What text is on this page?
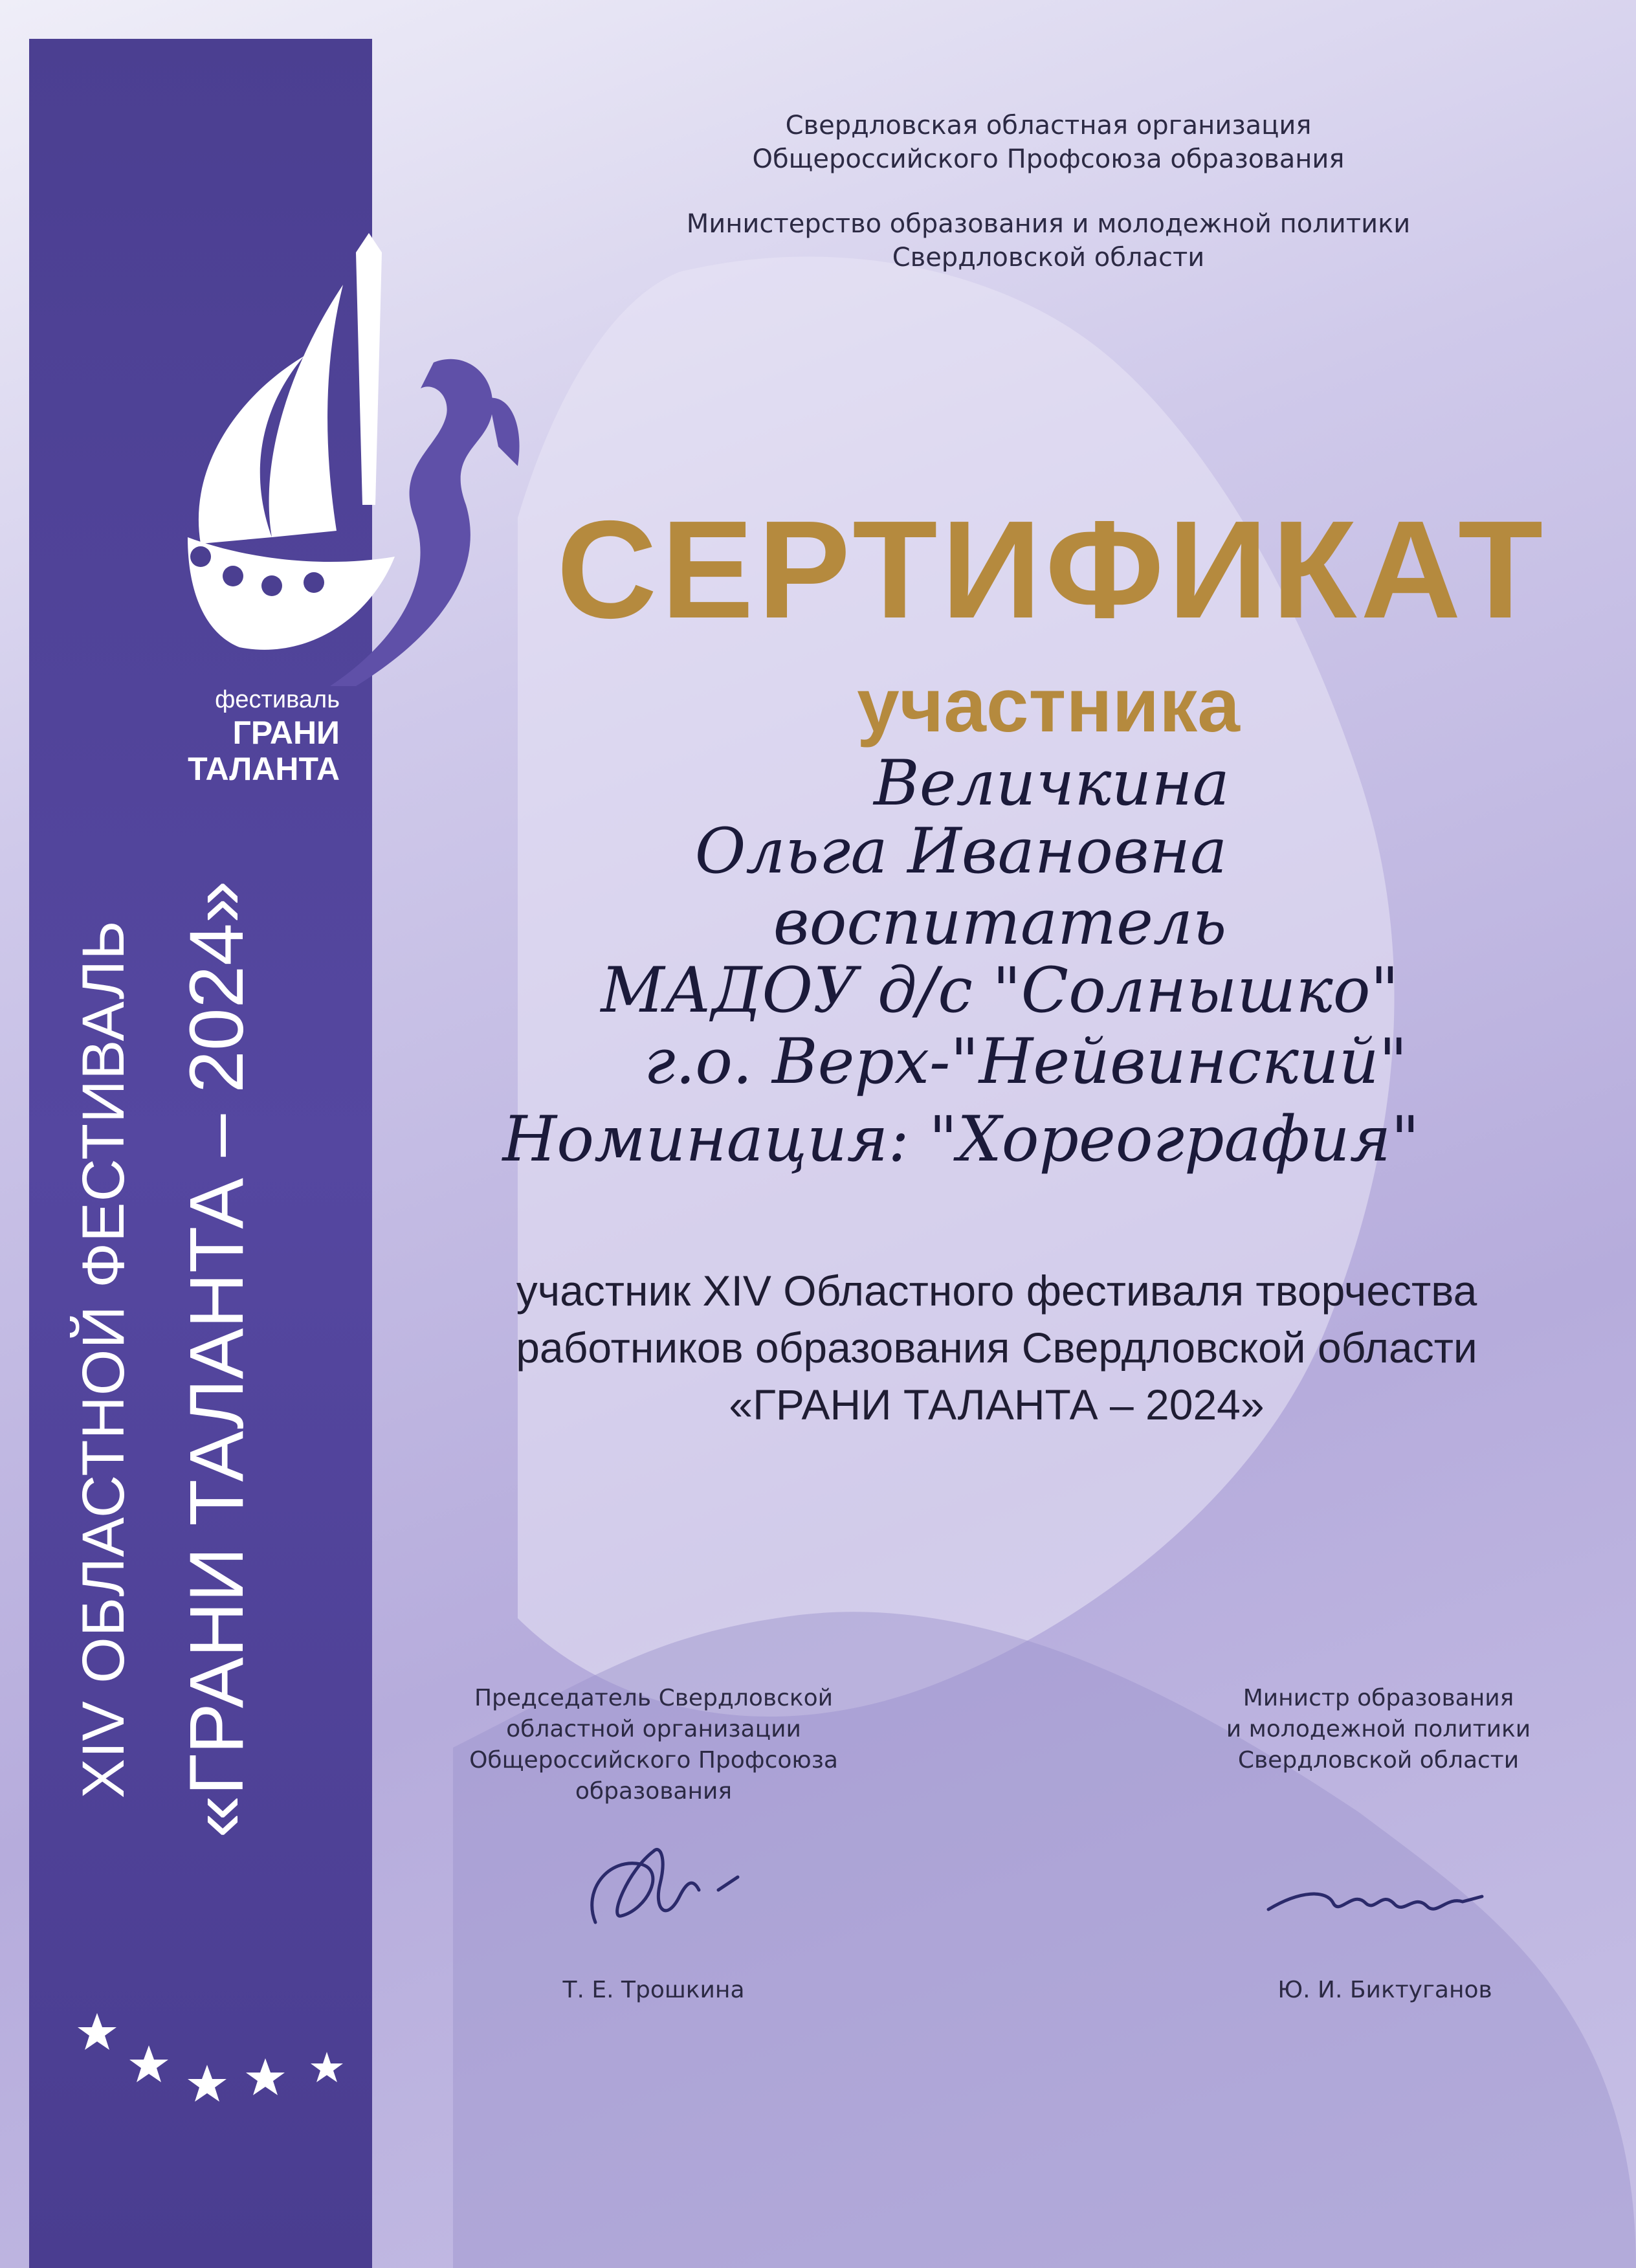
XIV ОБЛАСТНОЙ ФЕСТИВАЛЬ «ГРАНИ ТАЛАНТА – 2024»
фестиваль
ГРАНИ
ТАЛАНТА
Свердловская областная организация
Общероссийского Профсоюза образования
Министерство образования и молодежной политики
Свердловской области
СЕРТИФИКАТ
участника
Величкина
Ольга Ивановна
воспитатель
МАДОУ д/с "Солнышко"
г.о. Верх-"Нейвинский"
Номинация: "Хореография"
участник XIV Областного фестиваля творчества
работников образования Свердловской области
«ГРАНИ ТАЛАНТА – 2024»
Председатель Свердловской
областной организации
Общероссийского Профсоюза
образования
Министр образования
и молодежной политики
Свердловской области
Т. Е. Трошкина	Ю. И. Биктуганов
